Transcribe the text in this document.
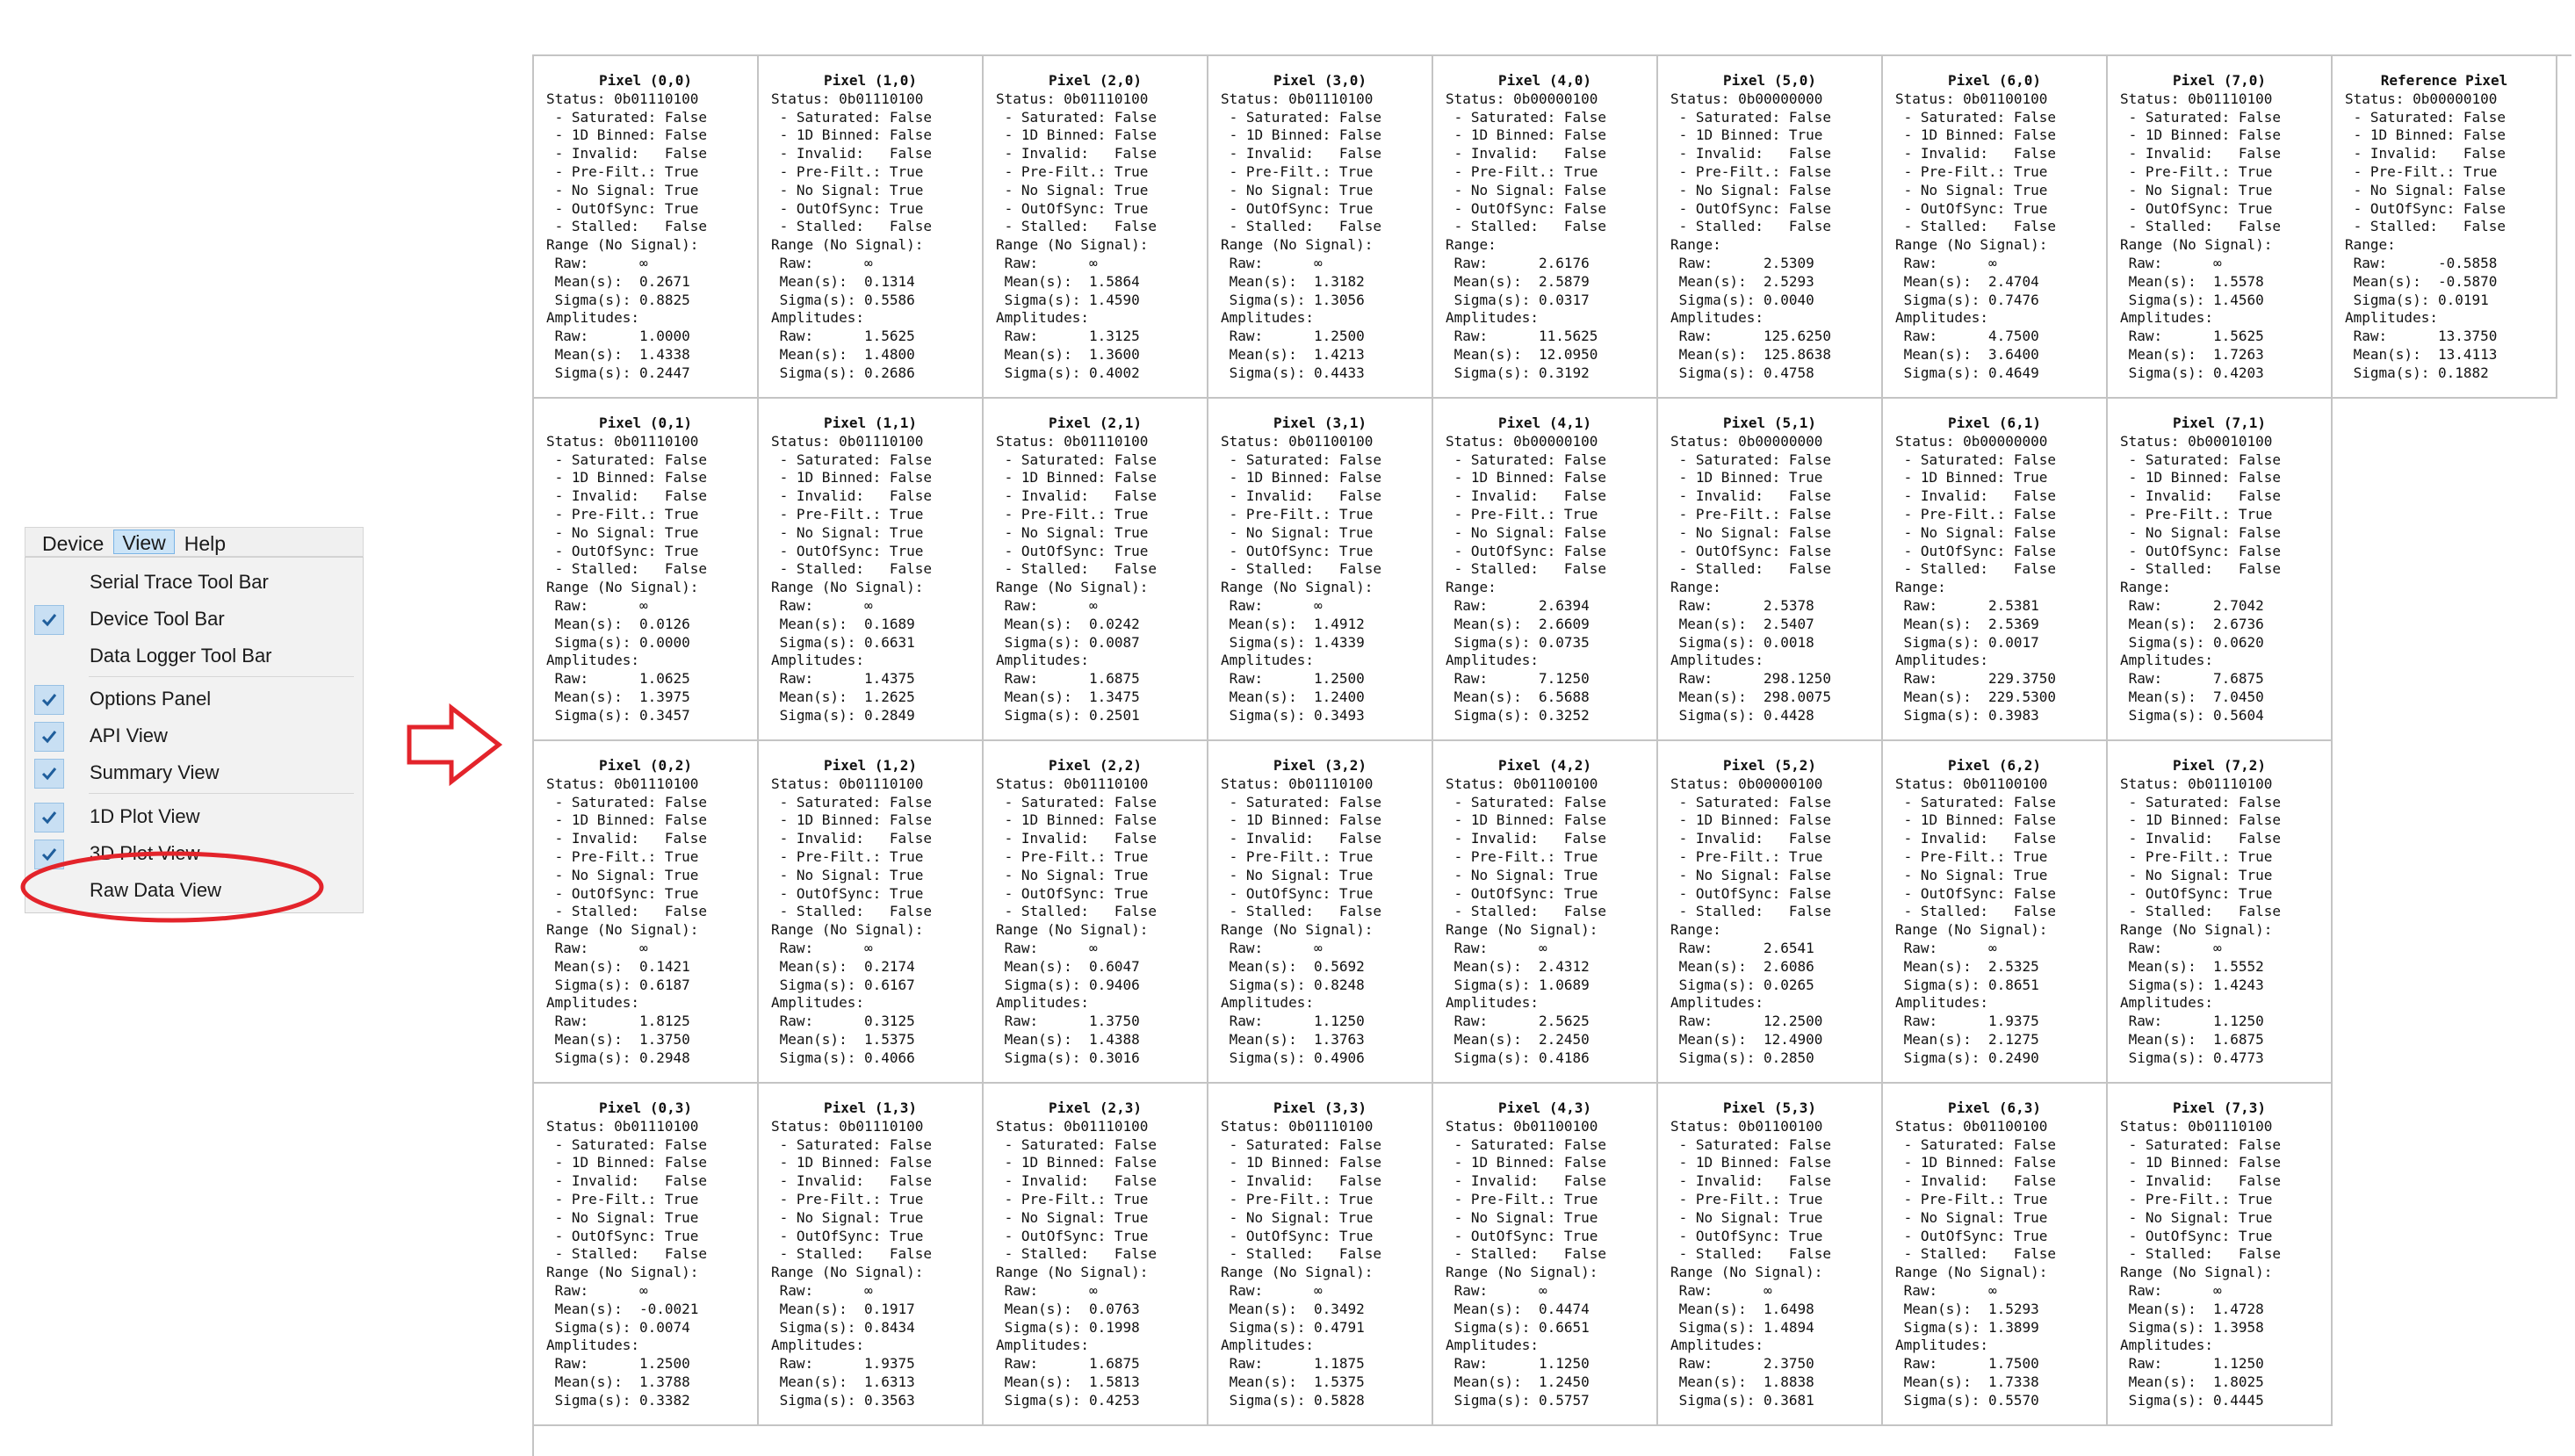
Device View Help
Serial Trace Tool Bar
Device Tool Bar
Data Logger Tool Bar
Options Panel
API View
Summary View
1D Plot View
3D Plot View
Raw Data View
Pixel (0,0)
Status: 0b01110100
- Saturated: False
- 1D Binned: False
- Invalid:   False
- Pre-Filt.: True
- No Signal: True
- OutOfSync: True
- Stalled:   False
Range (No Signal):
Raw:      ∞
Mean(s):  0.2671
Sigma(s): 0.8825
Amplitudes:
Raw:      1.0000
Mean(s):  1.4338
Sigma(s): 0.2447
Pixel (1,0)
Status: 0b01110100
- Saturated: False
- 1D Binned: False
- Invalid:   False
- Pre-Filt.: True
- No Signal: True
- OutOfSync: True
- Stalled:   False
Range (No Signal):
Raw:      ∞
Mean(s):  0.1314
Sigma(s): 0.5586
Amplitudes:
Raw:      1.5625
Mean(s):  1.4800
Sigma(s): 0.2686
Pixel (2,0)
Status: 0b01110100
- Saturated: False
- 1D Binned: False
- Invalid:   False
- Pre-Filt.: True
- No Signal: True
- OutOfSync: True
- Stalled:   False
Range (No Signal):
Raw:      ∞
Mean(s):  1.5864
Sigma(s): 1.4590
Amplitudes:
Raw:      1.3125
Mean(s):  1.3600
Sigma(s): 0.4002
Pixel (3,0)
Status: 0b01110100
- Saturated: False
- 1D Binned: False
- Invalid:   False
- Pre-Filt.: True
- No Signal: True
- OutOfSync: True
- Stalled:   False
Range (No Signal):
Raw:      ∞
Mean(s):  1.3182
Sigma(s): 1.3056
Amplitudes:
Raw:      1.2500
Mean(s):  1.4213
Sigma(s): 0.4433
Pixel (4,0)
Status: 0b00000100
- Saturated: False
- 1D Binned: False
- Invalid:   False
- Pre-Filt.: True
- No Signal: False
- OutOfSync: False
- Stalled:   False
Range:
Raw:      2.6176
Mean(s):  2.5879
Sigma(s): 0.0317
Amplitudes:
Raw:      11.5625
Mean(s):  12.0950
Sigma(s): 0.3192
Pixel (5,0)
Status: 0b00000000
- Saturated: False
- 1D Binned: True
- Invalid:   False
- Pre-Filt.: False
- No Signal: False
- OutOfSync: False
- Stalled:   False
Range:
Raw:      2.5309
Mean(s):  2.5293
Sigma(s): 0.0040
Amplitudes:
Raw:      125.6250
Mean(s):  125.8638
Sigma(s): 0.4758
Pixel (6,0)
Status: 0b01100100
- Saturated: False
- 1D Binned: False
- Invalid:   False
- Pre-Filt.: True
- No Signal: True
- OutOfSync: True
- Stalled:   False
Range (No Signal):
Raw:      ∞
Mean(s):  2.4704
Sigma(s): 0.7476
Amplitudes:
Raw:      4.7500
Mean(s):  3.6400
Sigma(s): 0.4649
Pixel (7,0)
Status: 0b01110100
- Saturated: False
- 1D Binned: False
- Invalid:   False
- Pre-Filt.: True
- No Signal: True
- OutOfSync: True
- Stalled:   False
Range (No Signal):
Raw:      ∞
Mean(s):  1.5578
Sigma(s): 1.4560
Amplitudes:
Raw:      1.5625
Mean(s):  1.7263
Sigma(s): 0.4203
Reference Pixel
Status: 0b00000100
- Saturated: False
- 1D Binned: False
- Invalid:   False
- Pre-Filt.: True
- No Signal: False
- OutOfSync: False
- Stalled:   False
Range:
Raw:      -0.5858
Mean(s):  -0.5870
Sigma(s): 0.0191
Amplitudes:
Raw:      13.3750
Mean(s):  13.4113
Sigma(s): 0.1882
Pixel (0,1)
Status: 0b01110100
- Saturated: False
- 1D Binned: False
- Invalid:   False
- Pre-Filt.: True
- No Signal: True
- OutOfSync: True
- Stalled:   False
Range (No Signal):
Raw:      ∞
Mean(s):  0.0126
Sigma(s): 0.0000
Amplitudes:
Raw:      1.0625
Mean(s):  1.3975
Sigma(s): 0.3457
Pixel (1,1)
Status: 0b01110100
- Saturated: False
- 1D Binned: False
- Invalid:   False
- Pre-Filt.: True
- No Signal: True
- OutOfSync: True
- Stalled:   False
Range (No Signal):
Raw:      ∞
Mean(s):  0.1689
Sigma(s): 0.6631
Amplitudes:
Raw:      1.4375
Mean(s):  1.2625
Sigma(s): 0.2849
Pixel (2,1)
Status: 0b01110100
- Saturated: False
- 1D Binned: False
- Invalid:   False
- Pre-Filt.: True
- No Signal: True
- OutOfSync: True
- Stalled:   False
Range (No Signal):
Raw:      ∞
Mean(s):  0.0242
Sigma(s): 0.0087
Amplitudes:
Raw:      1.6875
Mean(s):  1.3475
Sigma(s): 0.2501
Pixel (3,1)
Status: 0b01100100
- Saturated: False
- 1D Binned: False
- Invalid:   False
- Pre-Filt.: True
- No Signal: True
- OutOfSync: True
- Stalled:   False
Range (No Signal):
Raw:      ∞
Mean(s):  1.4912
Sigma(s): 1.4339
Amplitudes:
Raw:      1.2500
Mean(s):  1.2400
Sigma(s): 0.3493
Pixel (4,1)
Status: 0b00000100
- Saturated: False
- 1D Binned: False
- Invalid:   False
- Pre-Filt.: True
- No Signal: False
- OutOfSync: False
- Stalled:   False
Range:
Raw:      2.6394
Mean(s):  2.6609
Sigma(s): 0.0735
Amplitudes:
Raw:      7.1250
Mean(s):  6.5688
Sigma(s): 0.3252
Pixel (5,1)
Status: 0b00000000
- Saturated: False
- 1D Binned: True
- Invalid:   False
- Pre-Filt.: False
- No Signal: False
- OutOfSync: False
- Stalled:   False
Range:
Raw:      2.5378
Mean(s):  2.5407
Sigma(s): 0.0018
Amplitudes:
Raw:      298.1250
Mean(s):  298.0075
Sigma(s): 0.4428
Pixel (6,1)
Status: 0b00000000
- Saturated: False
- 1D Binned: True
- Invalid:   False
- Pre-Filt.: False
- No Signal: False
- OutOfSync: False
- Stalled:   False
Range:
Raw:      2.5381
Mean(s):  2.5369
Sigma(s): 0.0017
Amplitudes:
Raw:      229.3750
Mean(s):  229.5300
Sigma(s): 0.3983
Pixel (7,1)
Status: 0b00010100
- Saturated: False
- 1D Binned: False
- Invalid:   False
- Pre-Filt.: True
- No Signal: False
- OutOfSync: False
- Stalled:   False
Range:
Raw:      2.7042
Mean(s):  2.6736
Sigma(s): 0.0620
Amplitudes:
Raw:      7.6875
Mean(s):  7.0450
Sigma(s): 0.5604
Pixel (0,2)
Status: 0b01110100
- Saturated: False
- 1D Binned: False
- Invalid:   False
- Pre-Filt.: True
- No Signal: True
- OutOfSync: True
- Stalled:   False
Range (No Signal):
Raw:      ∞
Mean(s):  0.1421
Sigma(s): 0.6187
Amplitudes:
Raw:      1.8125
Mean(s):  1.3750
Sigma(s): 0.2948
Pixel (1,2)
Status: 0b01110100
- Saturated: False
- 1D Binned: False
- Invalid:   False
- Pre-Filt.: True
- No Signal: True
- OutOfSync: True
- Stalled:   False
Range (No Signal):
Raw:      ∞
Mean(s):  0.2174
Sigma(s): 0.6167
Amplitudes:
Raw:      0.3125
Mean(s):  1.5375
Sigma(s): 0.4066
Pixel (2,2)
Status: 0b01110100
- Saturated: False
- 1D Binned: False
- Invalid:   False
- Pre-Filt.: True
- No Signal: True
- OutOfSync: True
- Stalled:   False
Range (No Signal):
Raw:      ∞
Mean(s):  0.6047
Sigma(s): 0.9406
Amplitudes:
Raw:      1.3750
Mean(s):  1.4388
Sigma(s): 0.3016
Pixel (3,2)
Status: 0b01110100
- Saturated: False
- 1D Binned: False
- Invalid:   False
- Pre-Filt.: True
- No Signal: True
- OutOfSync: True
- Stalled:   False
Range (No Signal):
Raw:      ∞
Mean(s):  0.5692
Sigma(s): 0.8248
Amplitudes:
Raw:      1.1250
Mean(s):  1.3763
Sigma(s): 0.4906
Pixel (4,2)
Status: 0b01100100
- Saturated: False
- 1D Binned: False
- Invalid:   False
- Pre-Filt.: True
- No Signal: True
- OutOfSync: True
- Stalled:   False
Range (No Signal):
Raw:      ∞
Mean(s):  2.4312
Sigma(s): 1.0689
Amplitudes:
Raw:      2.5625
Mean(s):  2.2450
Sigma(s): 0.4186
Pixel (5,2)
Status: 0b00000100
- Saturated: False
- 1D Binned: False
- Invalid:   False
- Pre-Filt.: True
- No Signal: False
- OutOfSync: False
- Stalled:   False
Range:
Raw:      2.6541
Mean(s):  2.6086
Sigma(s): 0.0265
Amplitudes:
Raw:      12.2500
Mean(s):  12.4900
Sigma(s): 0.2850
Pixel (6,2)
Status: 0b01100100
- Saturated: False
- 1D Binned: False
- Invalid:   False
- Pre-Filt.: True
- No Signal: True
- OutOfSync: False
- Stalled:   False
Range (No Signal):
Raw:      ∞
Mean(s):  2.5325
Sigma(s): 0.8651
Amplitudes:
Raw:      1.9375
Mean(s):  2.1275
Sigma(s): 0.2490
Pixel (7,2)
Status: 0b01110100
- Saturated: False
- 1D Binned: False
- Invalid:   False
- Pre-Filt.: True
- No Signal: True
- OutOfSync: True
- Stalled:   False
Range (No Signal):
Raw:      ∞
Mean(s):  1.5552
Sigma(s): 1.4243
Amplitudes:
Raw:      1.1250
Mean(s):  1.6875
Sigma(s): 0.4773
Pixel (0,3)
Status: 0b01110100
- Saturated: False
- 1D Binned: False
- Invalid:   False
- Pre-Filt.: True
- No Signal: True
- OutOfSync: True
- Stalled:   False
Range (No Signal):
Raw:      ∞
Mean(s):  -0.0021
Sigma(s): 0.0074
Amplitudes:
Raw:      1.2500
Mean(s):  1.3788
Sigma(s): 0.3382
Pixel (1,3)
Status: 0b01110100
- Saturated: False
- 1D Binned: False
- Invalid:   False
- Pre-Filt.: True
- No Signal: True
- OutOfSync: True
- Stalled:   False
Range (No Signal):
Raw:      ∞
Mean(s):  0.1917
Sigma(s): 0.8434
Amplitudes:
Raw:      1.9375
Mean(s):  1.6313
Sigma(s): 0.3563
Pixel (2,3)
Status: 0b01110100
- Saturated: False
- 1D Binned: False
- Invalid:   False
- Pre-Filt.: True
- No Signal: True
- OutOfSync: True
- Stalled:   False
Range (No Signal):
Raw:      ∞
Mean(s):  0.0763
Sigma(s): 0.1998
Amplitudes:
Raw:      1.6875
Mean(s):  1.5813
Sigma(s): 0.4253
Pixel (3,3)
Status: 0b01110100
- Saturated: False
- 1D Binned: False
- Invalid:   False
- Pre-Filt.: True
- No Signal: True
- OutOfSync: True
- Stalled:   False
Range (No Signal):
Raw:      ∞
Mean(s):  0.3492
Sigma(s): 0.4791
Amplitudes:
Raw:      1.1875
Mean(s):  1.5375
Sigma(s): 0.5828
Pixel (4,3)
Status: 0b01100100
- Saturated: False
- 1D Binned: False
- Invalid:   False
- Pre-Filt.: True
- No Signal: True
- OutOfSync: True
- Stalled:   False
Range (No Signal):
Raw:      ∞
Mean(s):  0.4474
Sigma(s): 0.6651
Amplitudes:
Raw:      1.1250
Mean(s):  1.2450
Sigma(s): 0.5757
Pixel (5,3)
Status: 0b01100100
- Saturated: False
- 1D Binned: False
- Invalid:   False
- Pre-Filt.: True
- No Signal: True
- OutOfSync: True
- Stalled:   False
Range (No Signal):
Raw:      ∞
Mean(s):  1.6498
Sigma(s): 1.4894
Amplitudes:
Raw:      2.3750
Mean(s):  1.8838
Sigma(s): 0.3681
Pixel (6,3)
Status: 0b01100100
- Saturated: False
- 1D Binned: False
- Invalid:   False
- Pre-Filt.: True
- No Signal: True
- OutOfSync: True
- Stalled:   False
Range (No Signal):
Raw:      ∞
Mean(s):  1.5293
Sigma(s): 1.3899
Amplitudes:
Raw:      1.7500
Mean(s):  1.7338
Sigma(s): 0.5570
Pixel (7,3)
Status: 0b01110100
- Saturated: False
- 1D Binned: False
- Invalid:   False
- Pre-Filt.: True
- No Signal: True
- OutOfSync: True
- Stalled:   False
Range (No Signal):
Raw:      ∞
Mean(s):  1.4728
Sigma(s): 1.3958
Amplitudes:
Raw:      1.1250
Mean(s):  1.8025
Sigma(s): 0.4445
